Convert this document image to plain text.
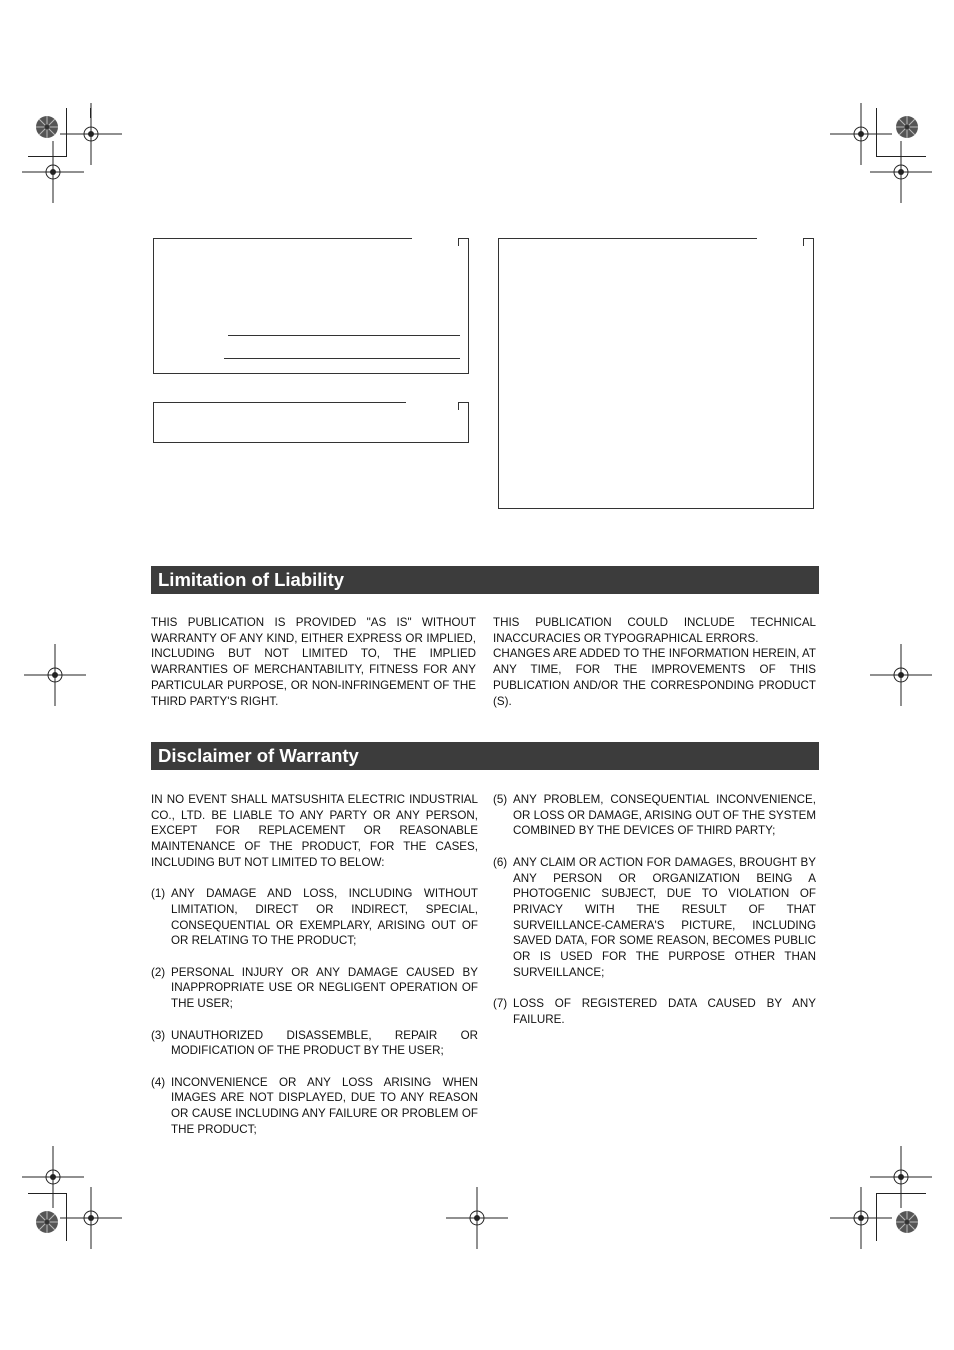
Limitation of Liability

THIS PUBLICATION IS PROVIDED "AS IS" WITHOUT WARRANTY OF ANY KIND, EITHER EXPRESS OR IMPLIED, INCLUDING BUT NOT LIMITED TO, THE IMPLIED WARRANTIES OF MERCHANTABILITY, FITNESS FOR ANY PARTICULAR PURPOSE, OR NON-INFRINGEMENT OF THE THIRD PARTY'S RIGHT.

THIS PUBLICATION COULD INCLUDE TECHNICAL INACCURACIES OR TYPOGRAPHICAL ERRORS.

CHANGES ARE ADDED TO THE INFORMATION HEREIN, AT ANY TIME, FOR THE IMPROVEMENTS OF THIS PUBLICATION AND/OR THE CORRESPONDING PRODUCT (S).

Disclaimer of Warranty

IN NO EVENT SHALL MATSUSHITA ELECTRIC INDUSTRIAL CO., LTD. BE LIABLE TO ANY PARTY OR ANY PERSON, EXCEPT FOR REPLACEMENT OR REASONABLE MAINTENANCE OF THE PRODUCT, FOR THE CASES, INCLUDING BUT NOT LIMITED TO BELOW:

(1) ANY DAMAGE AND LOSS, INCLUDING WITHOUT LIMITATION, DIRECT OR INDIRECT, SPECIAL, CONSEQUENTIAL OR EXEMPLARY, ARISING OUT OF OR RELATING TO THE PRODUCT;
(2) PERSONAL INJURY OR ANY DAMAGE CAUSED BY INAPPROPRIATE USE OR NEGLIGENT OPERATION OF THE USER;
(3) UNAUTHORIZED DISASSEMBLE, REPAIR OR MODIFICATION OF THE PRODUCT BY THE USER;
(4) INCONVENIENCE OR ANY LOSS ARISING WHEN IMAGES ARE NOT DISPLAYED, DUE TO ANY REASON OR CAUSE INCLUDING ANY FAILURE OR PROBLEM OF THE PRODUCT;
(5) ANY PROBLEM, CONSEQUENTIAL INCONVENIENCE, OR LOSS OR DAMAGE, ARISING OUT OF THE SYSTEM COMBINED BY THE DEVICES OF THIRD PARTY;
(6) ANY CLAIM OR ACTION FOR DAMAGES, BROUGHT BY ANY PERSON OR ORGANIZATION BEING A PHOTOGENIC SUBJECT, DUE TO VIOLATION OF PRIVACY WITH THE RESULT OF THAT SURVEILLANCE-CAMERA'S PICTURE, INCLUDING SAVED DATA, FOR SOME REASON, BECOMES PUBLIC OR IS USED FOR THE PURPOSE OTHER THAN SURVEILLANCE;
(7) LOSS OF REGISTERED DATA CAUSED BY ANY FAILURE.
